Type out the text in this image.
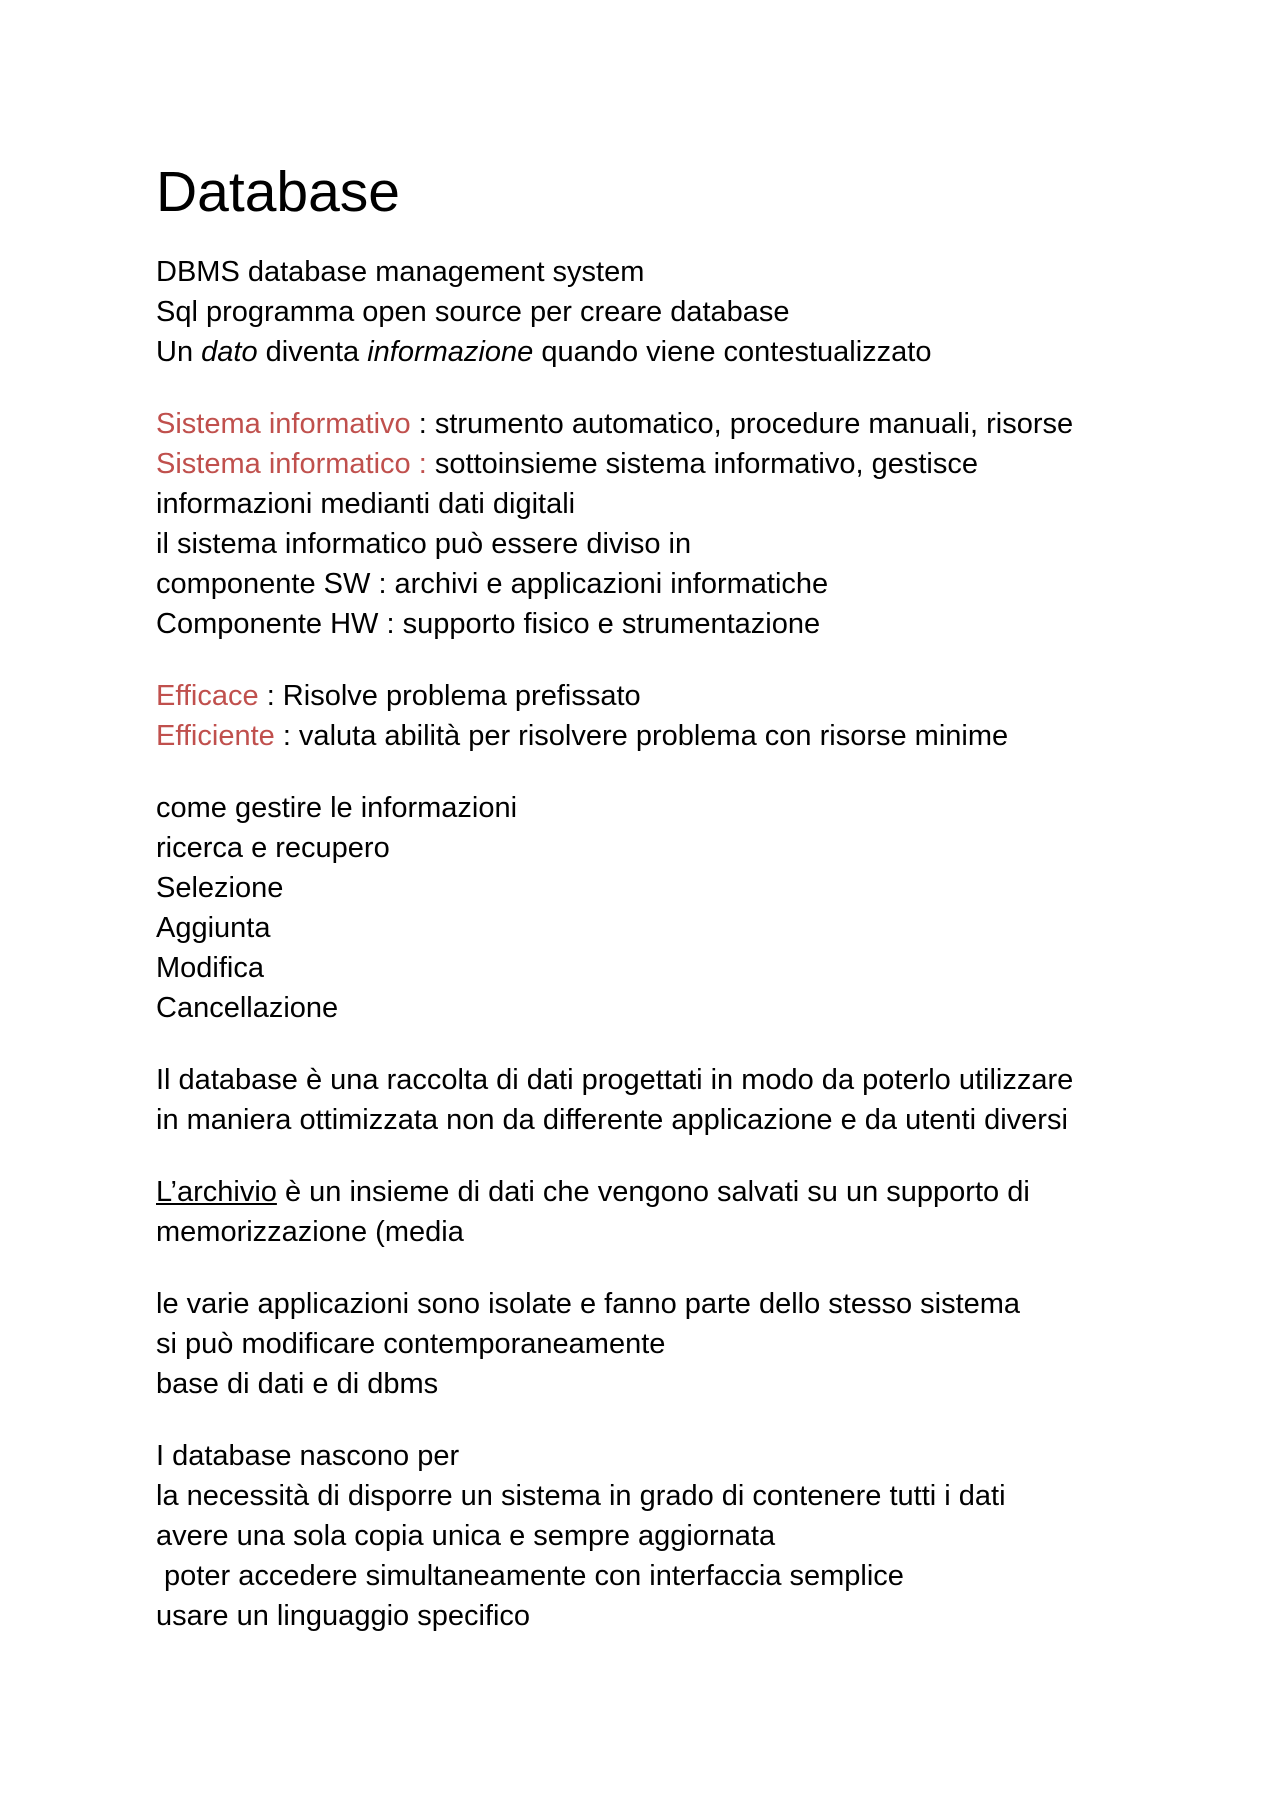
Database

DBMS database management system

Sql programma open source per creare database

Un dato diventa informazione quando viene contestualizzato

Sistema informativo : strumento automatico, procedure manuali, risorse

Sistema informatico : sottoinsieme sistema informativo, gestisce

informazioni medianti dati digitali

il sistema informatico può essere diviso in

componente SW : archivi e applicazioni informatiche

Componente HW : supporto fisico e strumentazione

Efficace : Risolve problema prefissato

Efficiente : valuta abilità per risolvere problema con risorse minime

come gestire le informazioni

ricerca e recupero

Selezione

Aggiunta

Modifica

Cancellazione

Il database è una raccolta di dati progettati in modo da poterlo utilizzare

in maniera ottimizzata non da differente applicazione e da utenti diversi

L’archivio è un insieme di dati che vengono salvati su un supporto di

memorizzazione (media

le varie applicazioni sono isolate e fanno parte dello stesso sistema

si può modificare contemporaneamente

base di dati e di dbms

I database nascono per

la necessità di disporre un sistema in grado di contenere tutti i dati

avere una sola copia unica e sempre aggiornata

poter accedere simultaneamente con interfaccia semplice

usare un linguaggio specifico
